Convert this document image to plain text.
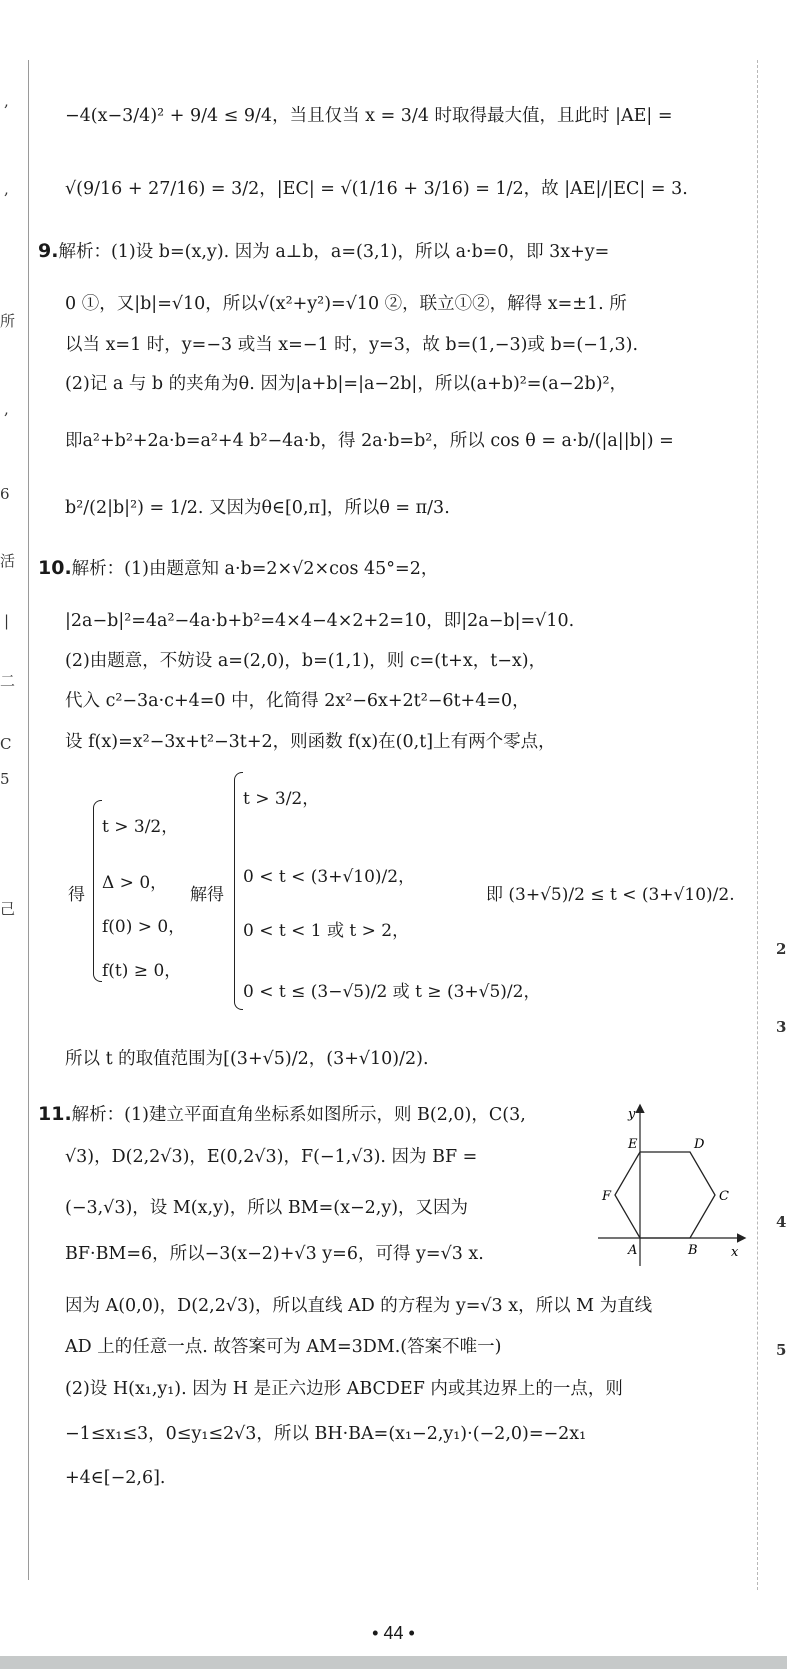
,
,
所
,
6
活
|
二
C
5
己
2
3
4
5
−4(x−3/4)² + 9/4 ≤ 9/4，当且仅当 x = 3/4 时取得最大值，且此时 |AE| =
√(9/16 + 27/16) = 3/2，|EC| = √(1/16 + 3/16) = 1/2，故 |AE|/|EC| = 3.
9.解析：(1)设 b=(x,y). 因为 a⊥b，a=(3,1)，所以 a·b=0，即 3x+y=
0 ①，又|b|=√10，所以√(x²+y²)=√10 ②，联立①②，解得 x=±1. 所
以当 x=1 时，y=−3 或当 x=−1 时，y=3，故 b=(1,−3)或 b=(−1,3).
(2)记 a 与 b 的夹角为θ. 因为|a+b|=|a−2b|，所以(a+b)²=(a−2b)²，
即a²+b²+2a·b=a²+4 b²−4a·b，得 2a·b=b²，所以 cos θ = a·b/(|a||b|) =
b²/(2|b|²) = 1/2. 又因为θ∈[0,π]，所以θ = π/3.
10.解析：(1)由题意知 a·b=2×√2×cos 45°=2，
|2a−b|²=4a²−4a·b+b²=4×4−4×2+2=10，即|2a−b|=√10.
(2)由题意，不妨设 a=(2,0)，b=(1,1)，则 c=(t+x，t−x)，
代入 c²−3a·c+4=0 中，化简得 2x²−6x+2t²−6t+4=0，
设 f(x)=x²−3x+t²−3t+2，则函数 f(x)在(0,t]上有两个零点，
得
t > 3/2，
Δ > 0，
f(0) > 0，
f(t) ≥ 0，
解得
t > 3/2，
0 < t < (3+√10)/2，
0 < t < 1 或 t > 2，
0 < t ≤ (3−√5)/2 或 t ≥ (3+√5)/2，
即 (3+√5)/2 ≤ t < (3+√10)/2.
所以 t 的取值范围为[(3+√5)/2，(3+√10)/2).
11.解析：(1)建立平面直角坐标系如图所示，则 B(2,0)，C(3,
√3)，D(2,2√3)，E(0,2√3)，F(−1,√3). 因为 BF =
(−3,√3)，设 M(x,y)，所以 BM=(x−2,y)，又因为
BF·BM=6，所以−3(x−2)+√3 y=6，可得 y=√3 x.
因为 A(0,0)，D(2,2√3)，所以直线 AD 的方程为 y=√3 x，所以 M 为直线
AD 上的任意一点. 故答案可为 AM=3DM.(答案不唯一)
(2)设 H(x₁,y₁). 因为 H 是正六边形 ABCDEF 内或其边界上的一点，则
−1≤x₁≤3，0≤y₁≤2√3，所以 BH·BA=(x₁−2,y₁)·(−2,0)=−2x₁
+4∈[−2,6].
x
y
A	B
C
D
E
F
• 44 •
